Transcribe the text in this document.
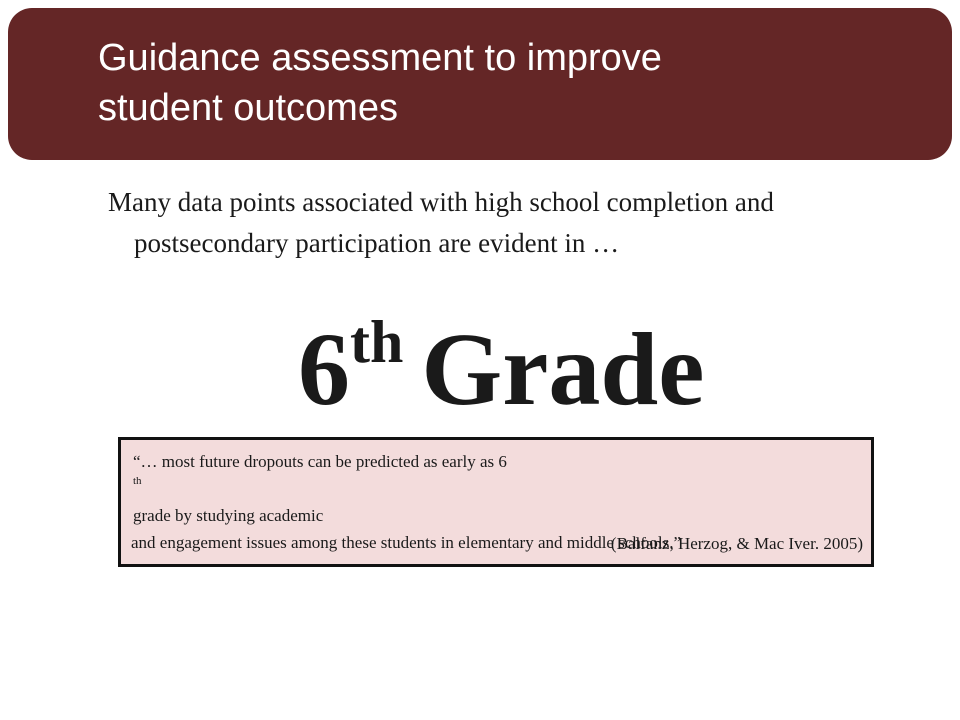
Guidance assessment to improve
student outcomes
Many data points associated with high school completion and
postsecondary participation are evident in …
6th Grade
“… most future dropouts can be predicted as early as 6
th
grade by studying academic
and engagement issues among these students in elementary and middle schools.”
(Balfanz, Herzog, & Mac Iver. 2005)
